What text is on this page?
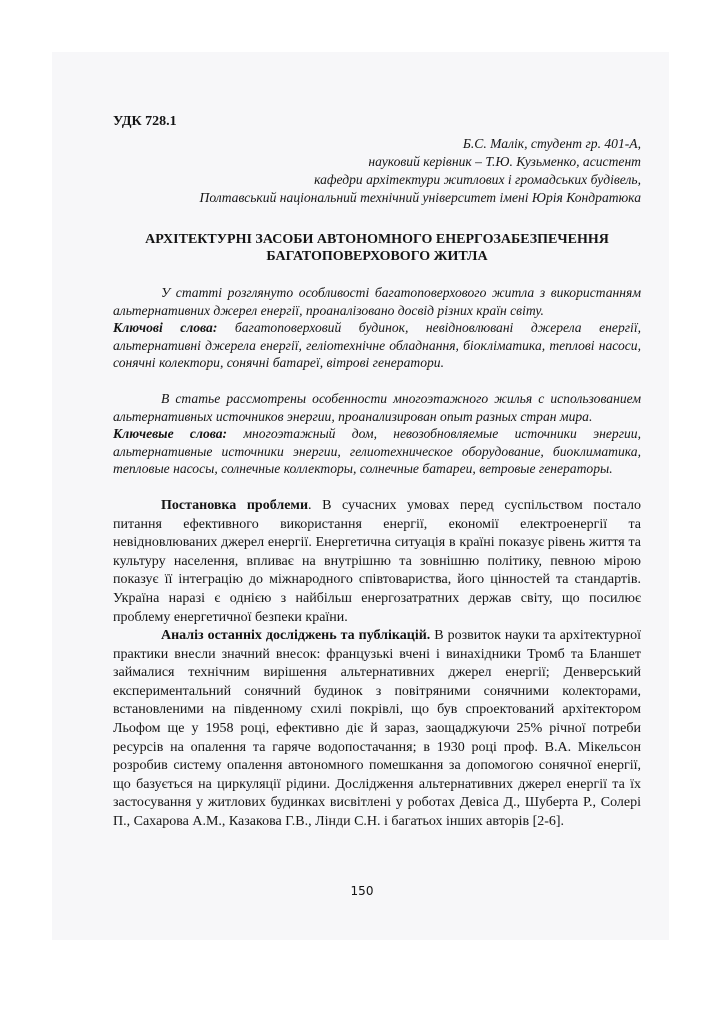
УДК 728.1

Б.С. Малік, студент гр. 401-А,
науковий керівник – Т.Ю. Кузьменко, асистент
кафедри архітектури житлових і громадських будівель,
Полтавський національний технічний університет імені Юрія Кондратюка
АРХІТЕКТУРНІ ЗАСОБИ АВТОНОМНОГО ЕНЕРГОЗАБЕЗПЕЧЕННЯ
БАГАТОПОВЕРХОВОГО ЖИТЛА

У статті розглянуто особливості багатоповерхового житла з використанням альтернативних джерел енергії, проаналізовано досвід різних країн світу.

Ключові слова: багатоповерховий будинок, невідновлювані джерела енергії, альтернативні джерела енергії, геліотехнічне обладнання, біокліматика, теплові насоси, сонячні колектори, сонячні батареї, вітрові генератори.

В статье рассмотрены особенности многоэтажного жилья с использованием альтернативных источников энергии, проанализирован опыт разных стран мира.

Ключевые слова: многоэтажный дом, невозобновляемые источники энергии, альтернативные источники энергии, гелиотехническое оборудование, биоклиматика, тепловые насосы, солнечные коллекторы, солнечные батареи, ветровые генераторы.

Постановка проблеми. В сучасних умовах перед суспільством постало питання ефективного використання енергії, економії електроенергії та невідновлюваних джерел енергії. Енергетична ситуація в країні показує рівень життя та культуру населення, впливає на внутрішню та зовнішню політику, певною мірою показує її інтеграцію до міжнародного співтовариства, його цінностей та стандартів. Україна наразі є однією з найбільш енергозатратних держав світу, що посилює проблему енергетичної безпеки країни.

Аналіз останніх досліджень та публікацій. В розвиток науки та архітектурної практики внесли значний внесок: французькі вчені і винахідники Тромб та Бланшет займалися технічним вирішення альтернативних джерел енергії; Денверський експериментальний сонячний будинок з повітряними сонячними колекторами, встановленими на південному схилі покрівлі, що був спроектований архітектором Льофом ще у 1958 році, ефективно діє й зараз, заощаджуючи 25% річної потреби ресурсів на опалення та гаряче водопостачання; в 1930 році проф. В.А. Мікельсон розробив систему опалення автономного помешкання за допомогою сонячної енергії, що базується на циркуляції рідини. Дослідження альтернативних джерел енергії та їх застосування у житлових будинках висвітлені у роботах Девіса Д., Шуберта Р., Солері П., Сахарова А.М., Казакова Г.В., Лінди С.Н. і багатьох інших авторів [2-6].

150
